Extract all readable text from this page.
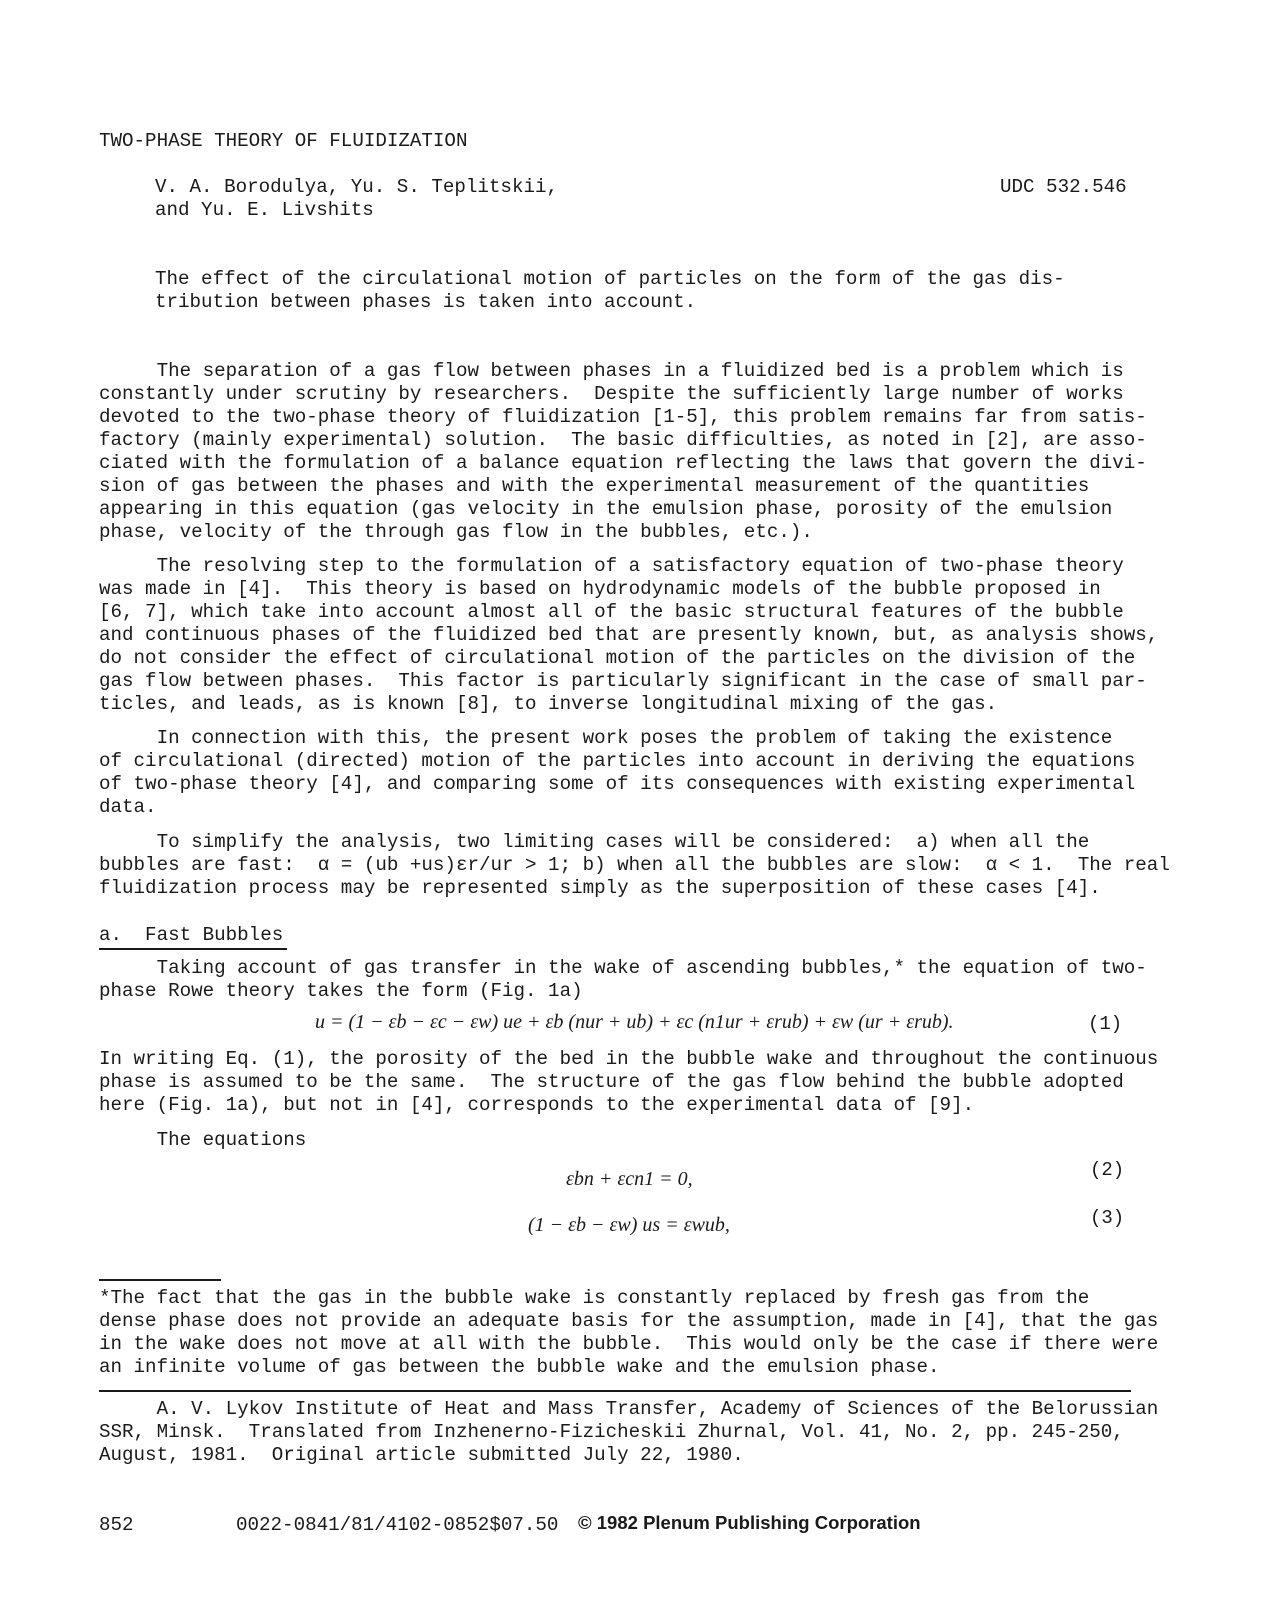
TWO-PHASE THEORY OF FLUIDIZATION
V. A. Borodulya, Yu. S. Teplitskii,
and Yu. E. Livshits
UDC 532.546
The effect of the circulational motion of particles on the form of the gas dis-
tribution between phases is taken into account.
The separation of a gas flow between phases in a fluidized bed is a problem which is
constantly under scrutiny by researchers.  Despite the sufficiently large number of works
devoted to the two-phase theory of fluidization [1-5], this problem remains far from satis-
factory (mainly experimental) solution.  The basic difficulties, as noted in [2], are asso-
ciated with the formulation of a balance equation reflecting the laws that govern the divi-
sion of gas between the phases and with the experimental measurement of the quantities
appearing in this equation (gas velocity in the emulsion phase, porosity of the emulsion
phase, velocity of the through gas flow in the bubbles, etc.).
The resolving step to the formulation of a satisfactory equation of two-phase theory
was made in [4].  This theory is based on hydrodynamic models of the bubble proposed in
[6, 7], which take into account almost all of the basic structural features of the bubble
and continuous phases of the fluidized bed that are presently known, but, as analysis shows,
do not consider the effect of circulational motion of the particles on the division of the
gas flow between phases.  This factor is particularly significant in the case of small par-
ticles, and leads, as is known [8], to inverse longitudinal mixing of the gas.
In connection with this, the present work poses the problem of taking the existence
of circulational (directed) motion of the particles into account in deriving the equations
of two-phase theory [4], and comparing some of its consequences with existing experimental
data.
To simplify the analysis, two limiting cases will be considered:  a) when all the
bubbles are fast:  α = (ub +us)εr/ur > 1; b) when all the bubbles are slow:  α < 1.  The real
fluidization process may be represented simply as the superposition of these cases [4].
a.  Fast Bubbles
Taking account of gas transfer in the wake of ascending bubbles,* the equation of two-
phase Rowe theory takes the form (Fig. 1a)
u = (1 − εb − εc − εw) ue + εb (nur + ub) + εc (n1ur + εrub) + εw (ur + εrub).	(1)
In writing Eq. (1), the porosity of the bed in the bubble wake and throughout the continuous
phase is assumed to be the same.  The structure of the gas flow behind the bubble adopted
here (Fig. 1a), but not in [4], corresponds to the experimental data of [9].
The equations
εbn + εcn1 = 0,	(2)
(1 − εb − εw) us = εwub,	(3)
*The fact that the gas in the bubble wake is constantly replaced by fresh gas from the
dense phase does not provide an adequate basis for the assumption, made in [4], that the gas
in the wake does not move at all with the bubble.  This would only be the case if there were
an infinite volume of gas between the bubble wake and the emulsion phase.
A. V. Lykov Institute of Heat and Mass Transfer, Academy of Sciences of the Belorussian
SSR, Minsk.  Translated from Inzhenerno-Fizicheskii Zhurnal, Vol. 41, No. 2, pp. 245-250,
August, 1981.  Original article submitted July 22, 1980.
852	0022-0841/81/4102-0852$07.50 © 1982 Plenum Publishing Corporation
